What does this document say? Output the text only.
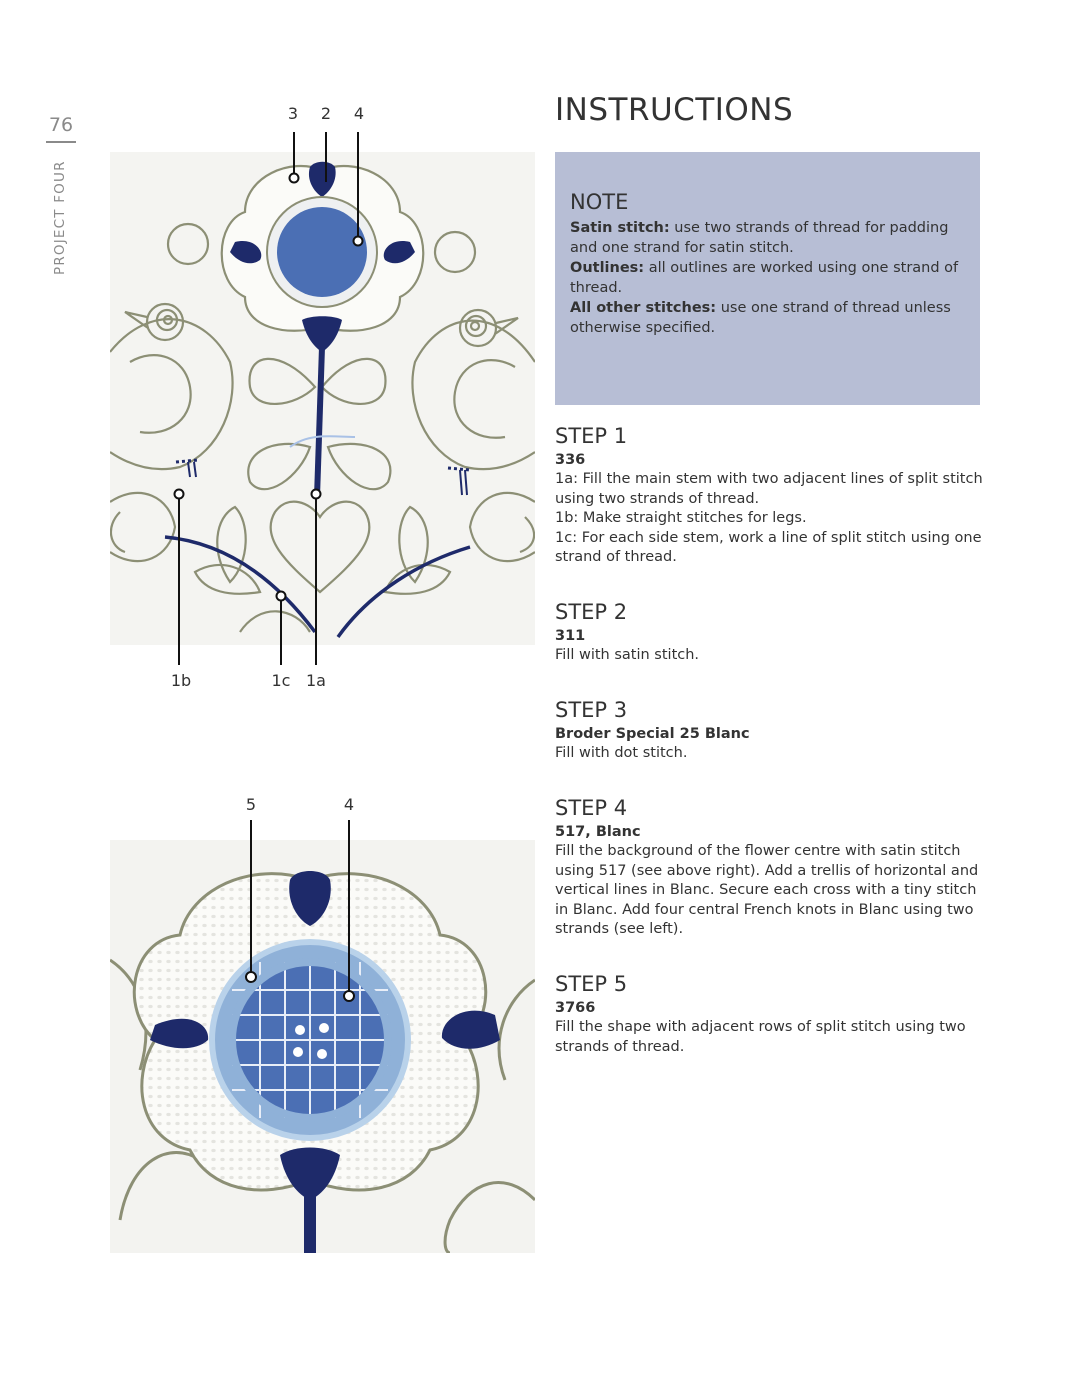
76
PROJECT FOUR
3	2	4
1b	1c 1a
5	4
INSTRUCTIONS
NOTE

Satin stitch: use two strands of thread for padding and one strand for satin stitch.

Outlines: all outlines are worked using one strand of thread.

All other stitches: use one strand of thread unless otherwise specified.

STEP 1
336

1a: Fill the main stem with two adjacent lines of split stitch using two strands of thread.

1b: Make straight stitches for legs.

1c: For each side stem, work a line of split stitch using one strand of thread.

STEP 2
311

Fill with satin stitch.

STEP 3
Broder Special 25 Blanc

Fill with dot stitch.

STEP 4
517, Blanc

Fill the background of the flower centre with satin stitch using 517 (see above right). Add a trellis of horizontal and vertical lines in Blanc. Secure each cross with a tiny stitch in Blanc. Add four central French knots in Blanc using two strands (see left).

STEP 5
3766

Fill the shape with adjacent rows of split stitch using two strands of thread.
